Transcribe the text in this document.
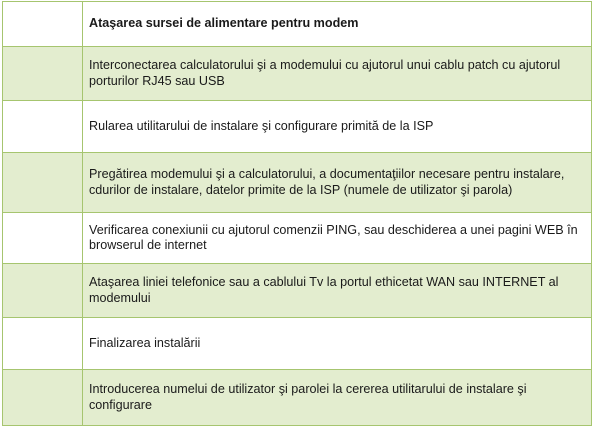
	Ataşarea sursei de alimentare pentru modem
	Interconectarea calculatorului şi a modemului cu ajutorul unui cablu patch cu ajutorul porturilor RJ45 sau USB
	Rularea utilitarului de instalare şi configurare primită de la ISP
	Pregătirea modemului şi a calculatorului, a documentaţiilor necesare pentru instalare, cdurilor de instalare, datelor primite de la ISP (numele de utilizator şi parola)
	Verificarea conexiunii cu ajutorul comenzii PING, sau deschiderea a unei pagini WEB în browserul de internet
	Ataşarea liniei telefonice sau a cablului Tv la portul ethicetat WAN sau INTERNET al modemului
	Finalizarea instalării
	Introducerea numelui de utilizator şi parolei la cererea utilitarului de instalare şi configurare
